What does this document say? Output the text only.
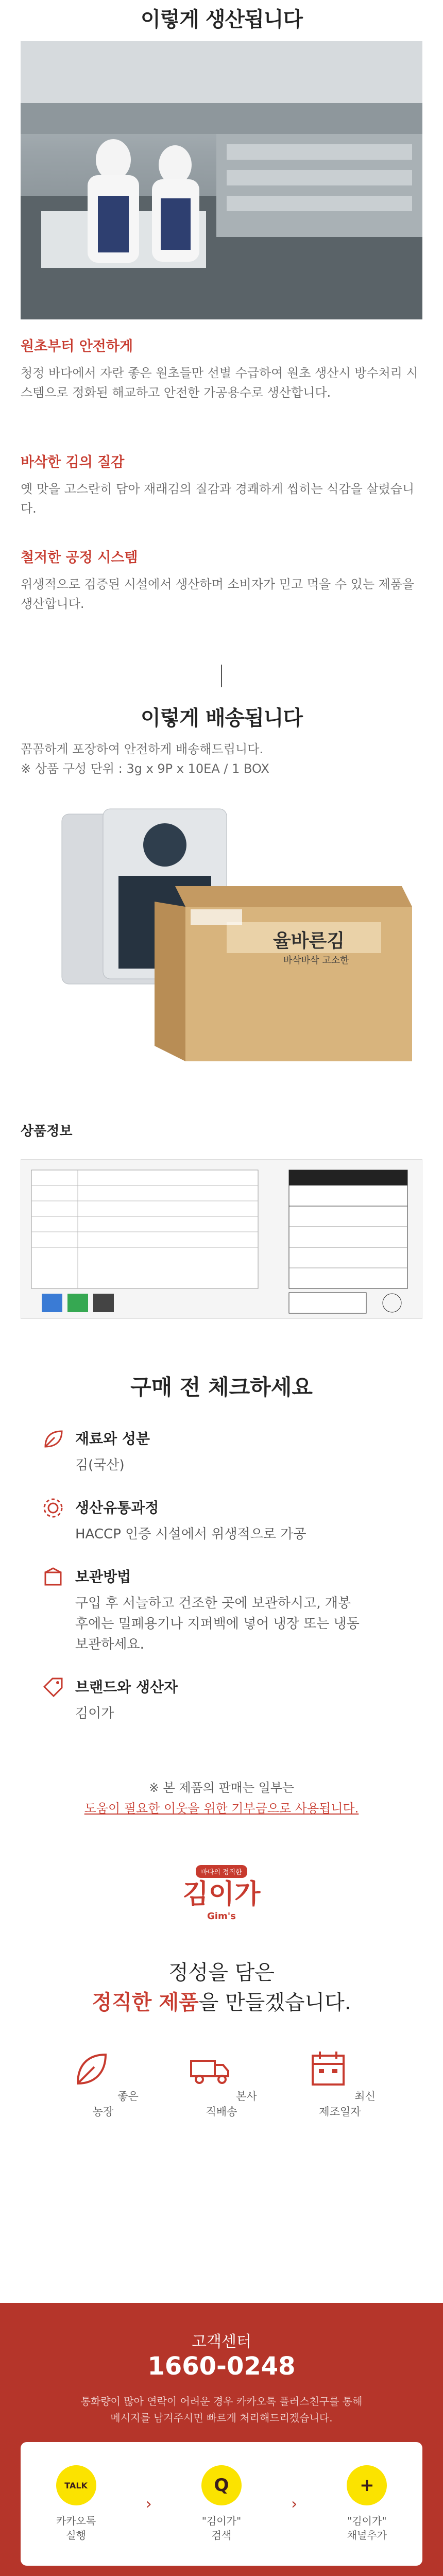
이렇게 생산됩니다
원초부터 안전하게

청정 바다에서 자란 좋은 원초들만 선별 수급하여 원초 생산시 방수처리 시스템으로 정화된 해교하고 안전한 가공용수로 생산합니다.

바삭한 김의 질감

옛 맛을 고스란히 담아 재래김의 질감과 경쾌하게 씹히는 식감을 살렸습니다.

철저한 공정 시스템

위생적으로 검증된 시설에서 생산하며 소비자가 믿고 먹을 수 있는 제품을 생산합니다.

이렇게 배송됩니다

꼼꼼하게 포장하여 안전하게 배송해드립니다.

※ 상품 구성 단위 : 3g x 9P x 10EA / 1 BOX

율바른김
바삭바삭 고소한
상품정보
구매 전 체크하세요
재료와 성분

김(국산)

생산유통과정

HACCP 인증 시설에서 위생적으로 가공

보관방법

구입 후 서늘하고 건조한 곳에 보관하시고, 개봉 후에는 밀폐용기나 지퍼백에 넣어 냉장 또는 냉동 보관하세요.

브랜드와 생산자

김이가

※ 본 제품의 판매는 일부는
도움이 필요한 이웃을 위한 기부금으로 사용됩니다.
바다의 정직한
김이가
Gim's
정성을 담은
정직한 제품을 만들겠습니다.
좋은농장
본사직배송
최신제조일자
고객센터
1660-0248
통화량이 많아 연락이 어려운 경우 카카오톡 플러스친구를 통해
메시지를 남겨주시면 빠르게 처리해드리겠습니다.
TALK
카카오톡
실행
›
Q
"김이가"
검색
›
+
"김이가"
채널추가
